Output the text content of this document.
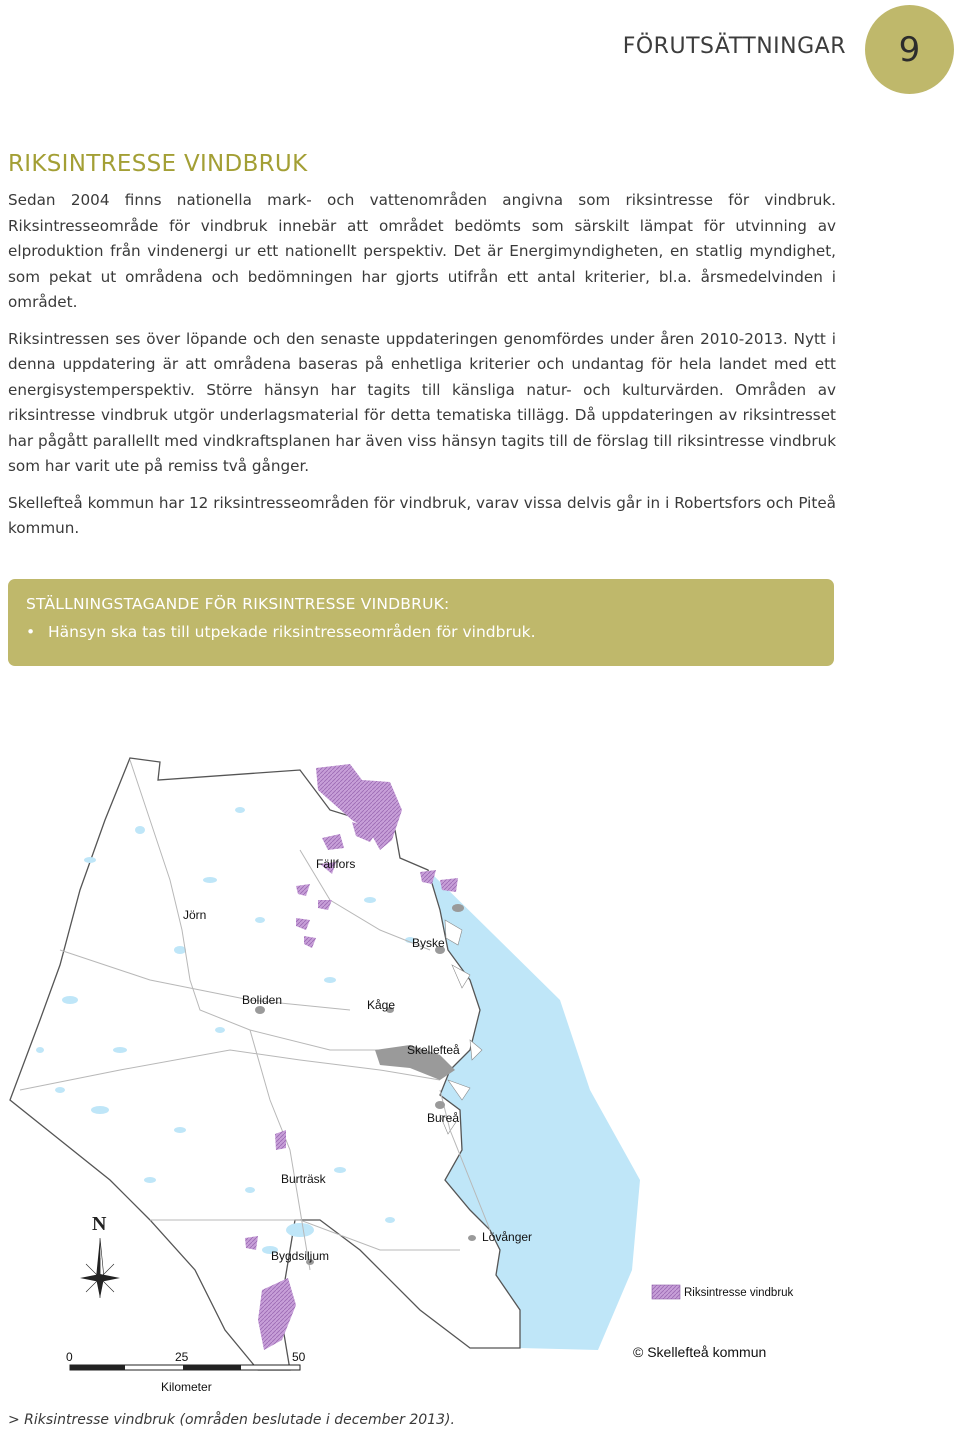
FÖRUTSÄTTNINGAR 9
RIKSINTRESSE VINDBRUK

Sedan 2004 finns nationella mark- och vattenområden angivna som riksintresse för vindbruk. Riksintresseområde för vindbruk innebär att området bedömts som särskilt lämpat för utvinning av elproduktion från vindenergi ur ett nationellt perspektiv. Det är Energimyndigheten, en statlig myndighet, som pekat ut områdena och bedömningen har gjorts utifrån ett antal kriterier, bl.a. årsmedelvinden i området.

Riksintressen ses över löpande och den senaste uppdateringen genomfördes under åren 2010-2013. Nytt i denna uppdatering är att områdena baseras på enhetliga kriterier och undantag för hela landet med ett energisystemperspektiv. Större hänsyn har tagits till känsliga natur- och kulturvärden. Områden av riksintresse vindbruk utgör underlagsmaterial för detta tematiska tillägg. Då uppdateringen av riksintresset har pågått parallellt med vindkraftsplanen har även viss hänsyn tagits till de förslag till riksintresse vindbruk som har varit ute på remiss två gånger.

Skellefteå kommun har 12 riksintresseområden för vindbruk, varav vissa delvis går in i Robertsfors och Piteå kommun.

STÄLLNINGSTAGANDE FÖR RIKSINTRESSE VINDBRUK:
• Hänsyn ska tas till utpekade riksintresseområden för vindbruk.
Fällfors
Jörn
Byske
Boliden	Kåge
Skellefteå
Bureå
Burträsk
Lövånger
Bygdsiljum
N
Riksintresse vindbruk
© Skellefteå kommun
0	25	50
Kilometer
> Riksintresse vindbruk (områden beslutade i december 2013).
